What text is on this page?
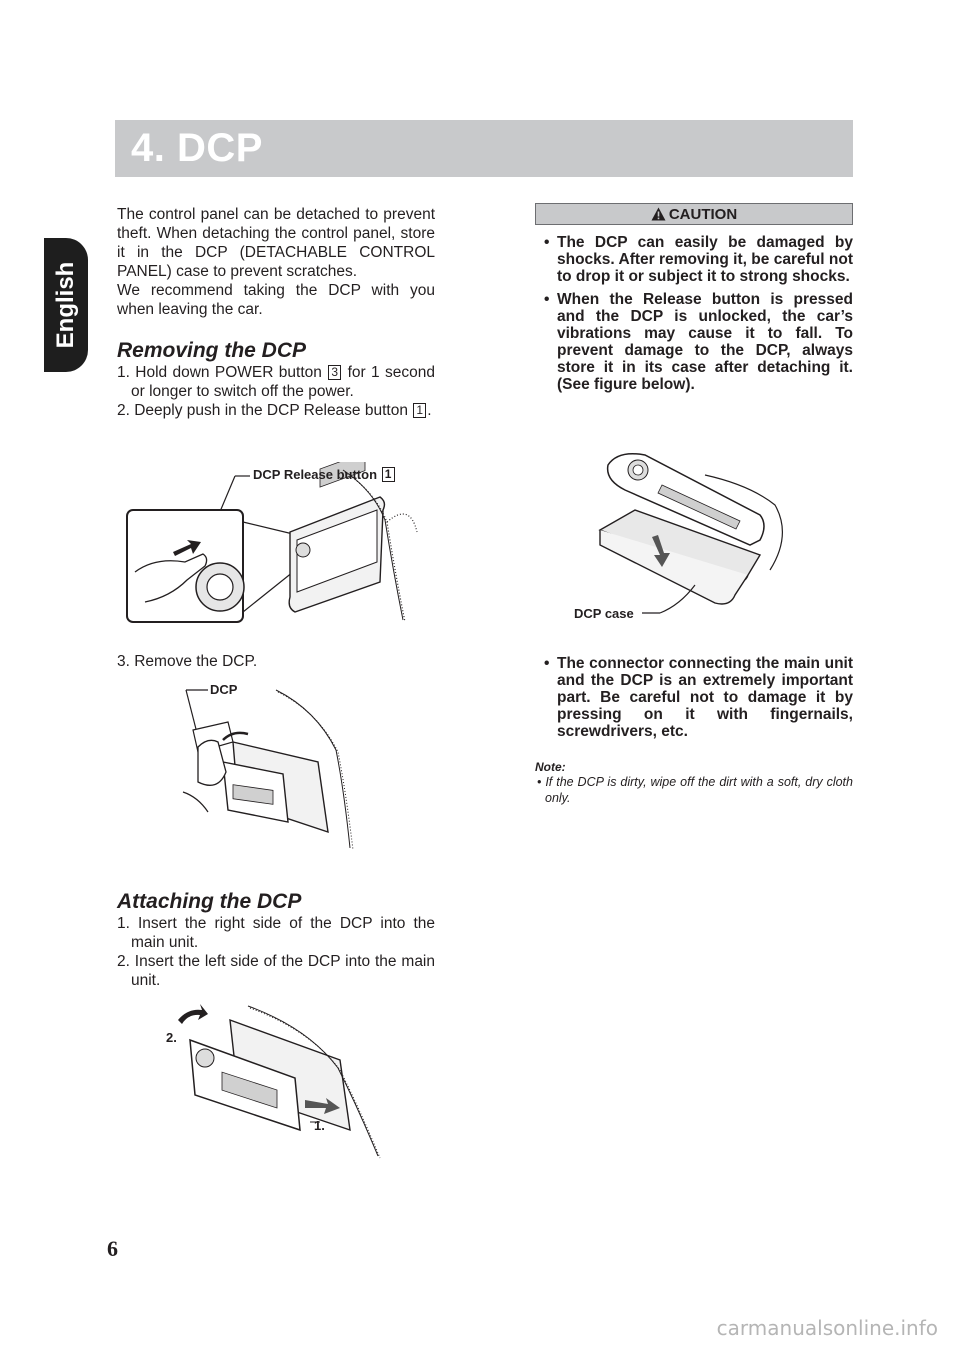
English
4. DCP

The control panel can be detached to prevent theft. When detaching the control panel, store it in the DCP (DETACHABLE CONTROL PANEL) case to prevent scratches.

We recommend taking the DCP with you when leaving the car.

Removing the DCP
1. Hold down POWER button 3 for 1 second or longer to switch off the power.
2. Deeply push in the DCP Release button 1 .
DCP Release button 1
3. Remove the DCP.
DCP
Attaching the DCP
1. Insert the right side of the DCP into the main unit.
2. Insert the left side of the DCP into the main unit.
2.
1.
CAUTION
• The DCP can easily be damaged by shocks. After removing it, be careful not to drop it or subject it to strong shocks.
• When the Release button is pressed and the DCP is unlocked, the car’s vibrations may cause it to fall. To prevent damage to the DCP, always store it in its case after detaching it. (See figure below).
DCP case
• The connector connecting the main unit and the DCP is an extremely important part. Be careful not to damage it by pressing on it with fingernails, screwdrivers, etc.
Note:
• If the DCP is dirty, wipe off the dirt with a soft, dry cloth only.
6
carmanualsonline.info
